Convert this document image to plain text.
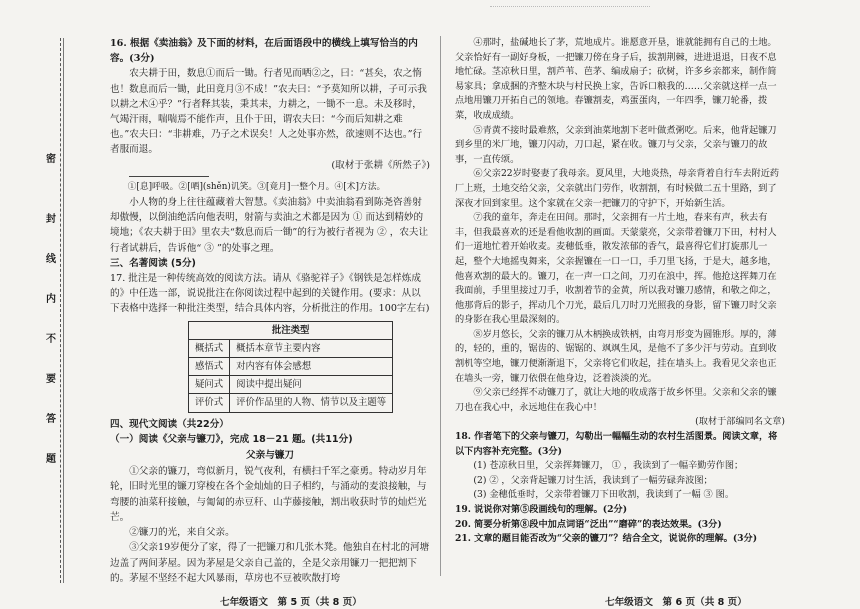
密
封
线
内
不
要
答
题

16. 根据《卖油翁》及下面的材料，在后面语段中的横线上填写恰当的内容。(3分)

农夫耕于田，数息①而后一锄。行者见而哂②之，曰：“甚矣，农之惰也！数息而后一锄，此田竟月③不成！”农夫曰：“予莫知所以耕，子可示我以耕之术④乎？”行者释其装，秉其耒，力耕之，一锄不一息。未及移时，气竭汗雨，喘喘焉不能作声，且仆于田，谓农夫曰：“今而后知耕之难也。”农夫曰：“非耕难，乃子之术误矣！人之处事亦然，欲速则不达也。”行者服而退。

(取材于张耕《所然子》)

①[息]呼吸。②[哂](shěn)讥笑。③[竟月]一整个月。④[术]方法。

小人物的身上往往蕴藏着大智慧。《卖油翁》中卖油翁看到陈尧咨善射却傲慢，以倒油绝活向他表明，射箭与卖油之术都是因为 ① 而达到精妙的境地；《农夫耕于田》里农夫“数息而后一锄”的行为被行者视为 ② ，农夫让行者试耕后，告诉他“ ③ ”的处事之理。

三、名著阅读 (5分)

17. 批注是一种传统高效的阅读方法。请从《骆驼祥子》《钢铁是怎样炼成的》中任选一部，说说批注在你阅读过程中起到的关键作用。(要求：从以下表格中选择一种批注类型，结合具体内容，分析批注的作用。100字左右)

批注类型	
概括式	概括本章节主要内容
感悟式	对内容有体会感想
疑问式	阅读中提出疑问
评价式	评价作品里的人物、情节以及主题等

四、现代文阅读（共22分）

（一）阅读《父亲与镰刀》，完成 18－21 题。(共11分)

父亲与镰刀

①父亲的镰刀，弯似新月，锐气夜利，有横扫千军之豪勇。特动岁月年轮，旧时光里的镰刀穿梭在各个金灿灿的日子相约，与涌动的麦浪接触，与弯腰的油菜秆接触，与匍匐的赤豆秆、山芋藤接触，割出收获时节的灿烂光芒。

②镰刀的光，来自父亲。

③父亲19岁便分了家，得了一把镰刀和几张木凳。他独自在村北的河塘边盖了两间茅屋。因为茅屋是父亲自己盖的，全是父亲用镰刀一把把割下的。茅屋不坚经不起大风暴雨，草房也不豆被吹散打垮

④那时，盐碱地长了茅，荒地成片。谁愿意开垦，谁就能拥有自己的土地。父亲恰好有一副好身板，一把镰刀傍在身子后，拔割荆棘，进进退退，日夜不息地忙碌。茎凉秋日里，割芦苇、芭茅、编成扇子；砍树，许多乡亲都来，制作简易家具；拿成捆的齐整木块与村民换上家，告诉口粮我的……父亲就这样一点一点地用镰刀开拓自己的领地。春镰割麦，鸡蛋蛋肉，一年四季，镰刀轮番，拨菜，收成成绩。

⑤青黄不接时最难熬，父亲到油菜地割下老叶做煮粥吃。后来，他背起镰刀到乡里的米厂地，镰刀闪动，刀口起，紧在收。镰刀与父亲，父亲与镰刀的故事，一直传颂。

⑥父亲22岁时娶妻了我母亲。夏风里，大地炎热，母亲背着自行车去附近药厂上班，土地交给父亲，父亲就出门劳作，收割割，有时候做二五十里路，到了深夜才回到家里。这个家就在父亲一把镰刀的守护下，开始新生活。

⑦我的童年，奔走在田间。那时，父亲拥有一片土地，春来有声，秋去有丰，但我最喜欢的还是看他收割的画面。天蒙蒙亮，父亲带着镰刀下田，村村人们一道地忙着开始收麦。麦穗低垂，散发浓郁的香气，最喜得它们打旋那儿一起，整个大地摇曳舞来，父亲握镰在一口一口，手刀里飞扬，于是大，越多地，他喜欢割的最大的。镰刀，在一声一口之间，刀刃在浪中，挥。他抢这挥舞刀在我面前，手里里接过刀手，收割着节的金黄，所以我对镰刀感情，和敬之仰之，他那背后的影子，挥动几个刀光，最后几刀时刀光照我的身影，留下镰刀时父亲的身影在我心里最深刻的。

⑧岁月悠长，父亲的镰刀从木柄换成铁柄，由弯月形变为圆锥形。厚的，薄的，轻的，重的，锯齿的、锯锯的、飒飒生风，是他不了多少汗与劳动。直到收割机等空地，镰刀便渐渐退下，父亲将它们收起，挂在墙头上。我看见父亲也正在墙头一旁，镰刀依偎在他身边，泛着淡淡的光。

⑨父亲已经挥不动镰刀了，就让大地的收成落于故乡怀里。父亲和父亲的镰刀也在我心中，永远地住在我心中！

(取材于部编同名文章)

18. 作者笔下的父亲与镰刀，勾勒出一幅幅生动的农村生活图景。阅读文章，将以下内容补充完整。(3分)

(1) 苍凉秋日里，父亲挥舞镰刀， ① ，我读到了一幅辛勤劳作图；

(2) ② ，父亲背起镰刀讨生活，我读到了一幅劳碌奔波图；

(3) 金穗低垂时，父亲带着镰刀下田收割，我读到了一幅 ③ 图。

19. 说说你对第⑤段画线句的理解。(2分)

20. 简要分析第⑧段中加点词语“泛出”“磨碎”的表达效果。(3分)

21. 文章的题目能否改为“父亲的镰刀”？结合全文，说说你的理解。(3分)

七年级语文　第 5 页（共 8 页）	七年级语文　第 6 页（共 8 页）
